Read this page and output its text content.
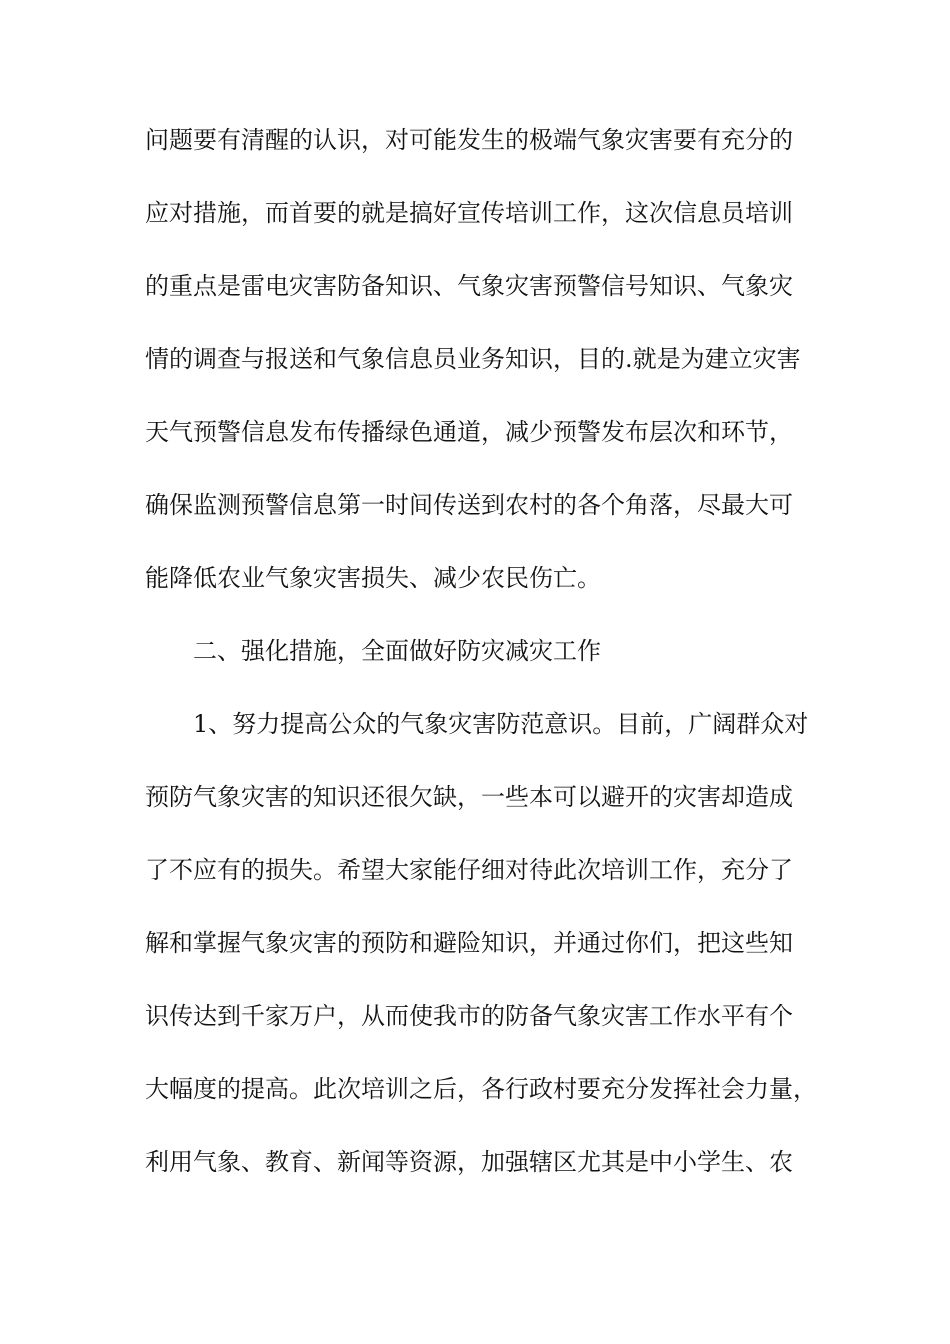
问题要有清醒的认识，对可能发生的极端气象灾害要有充分的
应对措施，而首要的就是搞好宣传培训工作，这次信息员培训
的重点是雷电灾害防备知识、气象灾害预警信号知识、气象灾
情的调查与报送和气象信息员业务知识，目的.就是为建立灾害
天气预警信息发布传播绿色通道，减少预警发布层次和环节，
确保监测预警信息第一时间传送到农村的各个角落，尽最大可
能降低农业气象灾害损失、减少农民伤亡。
二、强化措施，全面做好防灾减灾工作
1、努力提高公众的气象灾害防范意识。目前，广阔群众对
预防气象灾害的知识还很欠缺，一些本可以避开的灾害却造成
了不应有的损失。希望大家能仔细对待此次培训工作，充分了
解和掌握气象灾害的预防和避险知识，并通过你们，把这些知
识传达到千家万户，从而使我市的防备气象灾害工作水平有个
大幅度的提高。此次培训之后，各行政村要充分发挥社会力量，
利用气象、教育、新闻等资源，加强辖区尤其是中小学生、农
